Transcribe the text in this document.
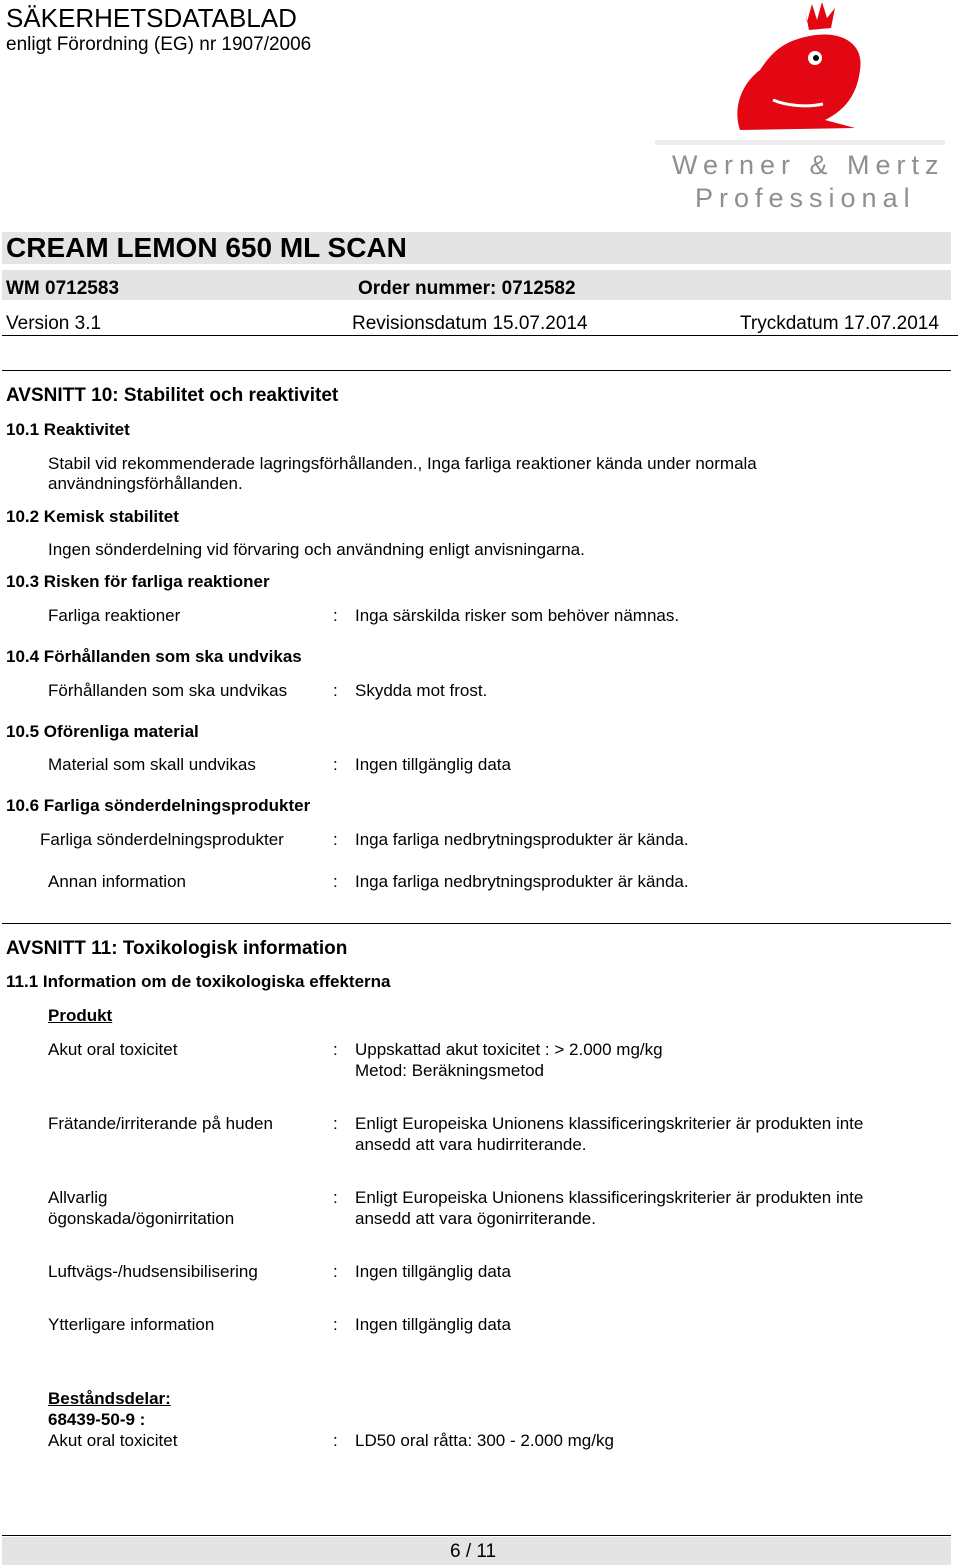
SÄKERHETSDATABLAD
enligt Förordning (EG) nr 1907/2006
Werner & Mertz
Professional
CREAM LEMON 650 ML SCAN
WM 0712583	Order nummer: 0712582
Version 3.1	Revisionsdatum 15.07.2014	Tryckdatum 17.07.2014
AVSNITT 10: Stabilitet och reaktivitet
10.1 Reaktivitet
Stabil vid rekommenderade lagringsförhållanden., Inga farliga reaktioner kända under normala
användningsförhållanden.
10.2 Kemisk stabilitet
Ingen sönderdelning vid förvaring och användning enligt anvisningarna.
10.3 Risken för farliga reaktioner
Farliga reaktioner	: Inga särskilda risker som behöver nämnas.
10.4 Förhållanden som ska undvikas
Förhållanden som ska undvikas	: Skydda mot frost.
10.5 Oförenliga material
Material som skall undvikas	: Ingen tillgänglig data
10.6 Farliga sönderdelningsprodukter
Farliga sönderdelningsprodukter	: Inga farliga nedbrytningsprodukter är kända.
Annan information	: Inga farliga nedbrytningsprodukter är kända.
AVSNITT 11: Toxikologisk information
11.1 Information om de toxikologiska effekterna
Produkt
Akut oral toxicitet	: Uppskattad akut toxicitet : > 2.000 mg/kg
Metod: Beräkningsmetod
Frätande/irriterande på huden	: Enligt Europeiska Unionens klassificeringskriterier är produkten inte
ansedd att vara hudirriterande.
Allvarlig
ögonskada/ögonirritation
: Enligt Europeiska Unionens klassificeringskriterier är produkten inte
ansedd att vara ögonirriterande.
Luftvägs-/hudsensibilisering	: Ingen tillgänglig data
Ytterligare information	: Ingen tillgänglig data
Beståndsdelar:
68439-50-9 :
Akut oral toxicitet	: LD50 oral råtta: 300 - 2.000 mg/kg
6 / 11
